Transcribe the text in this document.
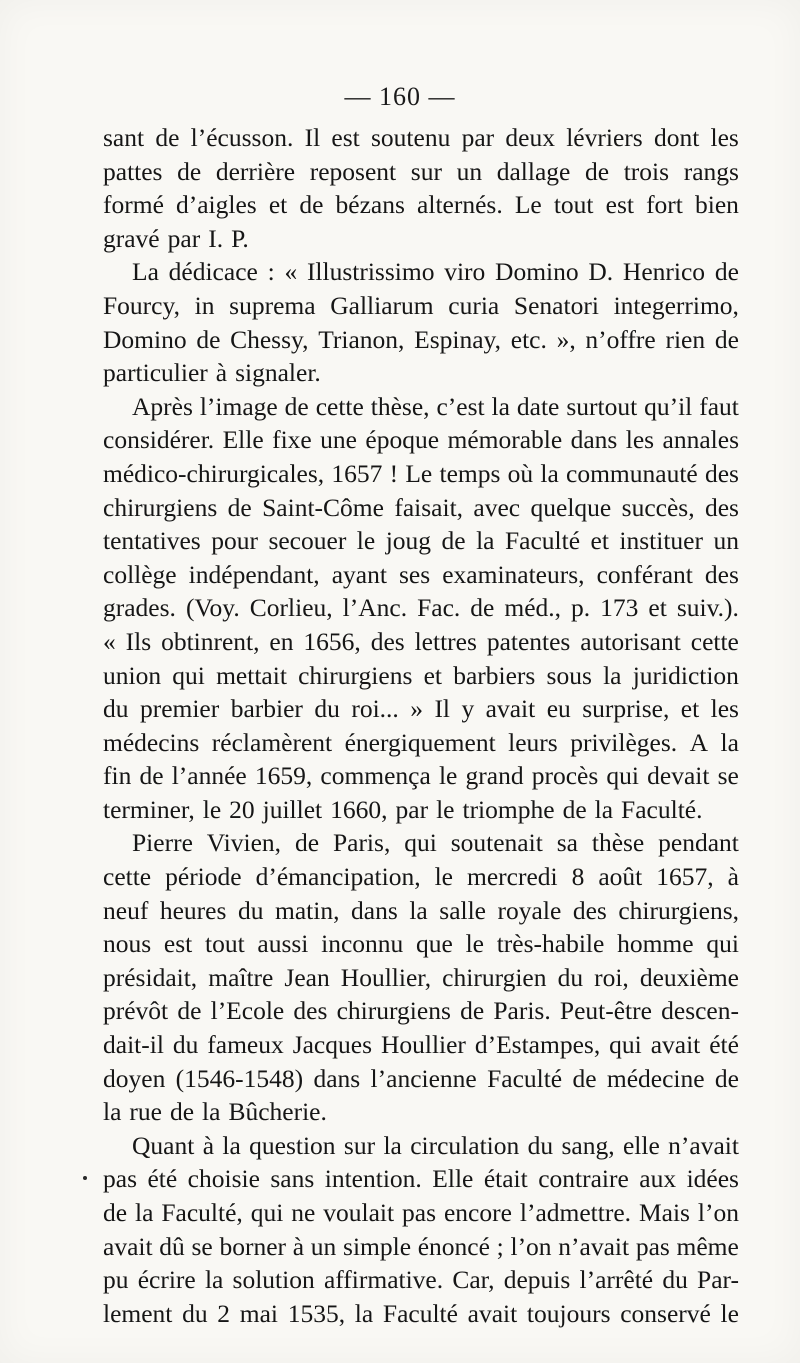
— 160 —
sant de l’écusson. Il est soutenu par deux lévriers dont les
pattes de derrière reposent sur un dallage de trois rangs
formé d’aigles et de bézans alternés. Le tout est fort bien
gravé par I. P.
La dédicace : « Illustrissimo viro Domino D. Henrico de
Fourcy, in suprema Galliarum curia Senatori integerrimo,
Domino de Chessy, Trianon, Espinay, etc. », n’offre rien de
particulier à signaler.
Après l’image de cette thèse, c’est la date surtout qu’il faut
considérer. Elle fixe une époque mémorable dans les annales
médico-chirurgicales, 1657 ! Le temps où la communauté des
chirurgiens de Saint-Côme faisait, avec quelque succès, des
tentatives pour secouer le joug de la Faculté et instituer un
collège indépendant, ayant ses examinateurs, conférant des
grades. (Voy. Corlieu, l’Anc. Fac. de méd., p. 173 et suiv.).
« Ils obtinrent, en 1656, des lettres patentes autorisant cette
union qui mettait chirurgiens et barbiers sous la juridiction
du premier barbier du roi... » Il y avait eu surprise, et les
médecins réclamèrent énergiquement leurs privilèges. A la
fin de l’année 1659, commença le grand procès qui devait se
terminer, le 20 juillet 1660, par le triomphe de la Faculté.
Pierre Vivien, de Paris, qui soutenait sa thèse pendant
cette période d’émancipation, le mercredi 8 août 1657, à
neuf heures du matin, dans la salle royale des chirurgiens,
nous est tout aussi inconnu que le très-habile homme qui
présidait, maître Jean Houllier, chirurgien du roi, deuxième
prévôt de l’Ecole des chirurgiens de Paris. Peut-être descen-
dait-il du fameux Jacques Houllier d’Estampes, qui avait été
doyen (1546-1548) dans l’ancienne Faculté de médecine de
la rue de la Bûcherie.
Quant à la question sur la circulation du sang, elle n’avait
pas été choisie sans intention. Elle était contraire aux idées
de la Faculté, qui ne voulait pas encore l’admettre. Mais l’on
avait dû se borner à un simple énoncé ; l’on n’avait pas même
pu écrire la solution affirmative. Car, depuis l’arrêté du Par-
lement du 2 mai 1535, la Faculté avait toujours conservé le
